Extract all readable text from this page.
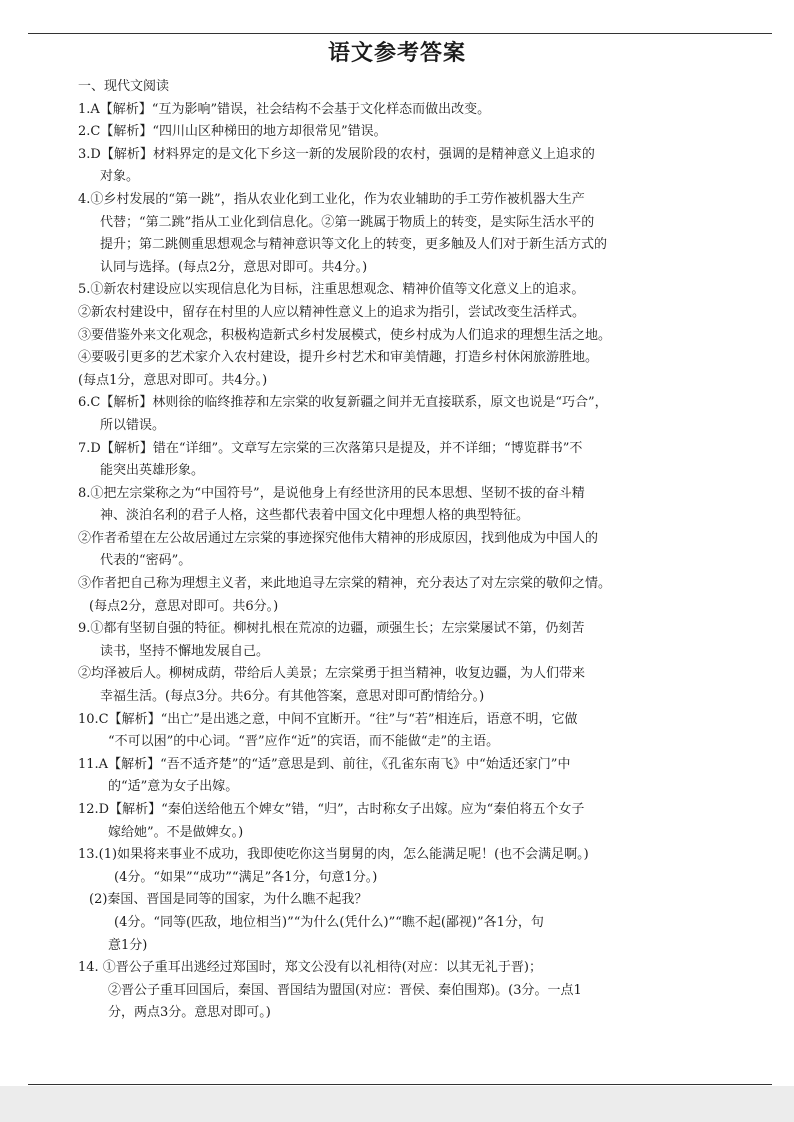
语文参考答案
一、现代文阅读
1.A【解析】“互为影响”错误，社会结构不会基于文化样态而做出改变。
2.C【解析】“四川山区种梯田的地方却很常见”错误。
3.D【解析】材料界定的是文化下乡这一新的发展阶段的农村，强调的是精神意义上追求的
对象。
4.①乡村发展的“第一跳”，指从农业化到工业化，作为农业辅助的手工劳作被机器大生产
代替；“第二跳”指从工业化到信息化。②第一跳属于物质上的转变，是实际生活水平的
提升；第二跳侧重思想观念与精神意识等文化上的转变，更多触及人们对于新生活方式的
认同与选择。(每点2分，意思对即可。共4分。)
5.①新农村建设应以实现信息化为目标，注重思想观念、精神价值等文化意义上的追求。
②新农村建设中，留存在村里的人应以精神性意义上的追求为指引，尝试改变生活样式。
③要借鉴外来文化观念，积极构造新式乡村发展模式，使乡村成为人们追求的理想生活之地。
④要吸引更多的艺术家介入农村建设，提升乡村艺术和审美情趣，打造乡村休闲旅游胜地。
(每点1分，意思对即可。共4分。)
6.C【解析】林则徐的临终推荐和左宗棠的收复新疆之间并无直接联系，原文也说是“巧合”，
所以错误。
7.D【解析】错在“详细”。文章写左宗棠的三次落第只是提及，并不详细；“博览群书”不
能突出英雄形象。
8.①把左宗棠称之为“中国符号”，是说他身上有经世济用的民本思想、坚韧不拔的奋斗精
神、淡泊名利的君子人格，这些都代表着中国文化中理想人格的典型特征。
②作者希望在左公故居通过左宗棠的事迹探究他伟大精神的形成原因，找到他成为中国人的
代表的“密码”。
③作者把自己称为理想主义者，来此地追寻左宗棠的精神，充分表达了对左宗棠的敬仰之情。
(每点2分，意思对即可。共6分。)
9.①都有坚韧自强的特征。柳树扎根在荒凉的边疆，顽强生长；左宗棠屡试不第，仍刻苦
读书，坚持不懈地发展自己。
②均泽被后人。柳树成荫，带给后人美景；左宗棠勇于担当精神，收复边疆，为人们带来
幸福生活。(每点3分。共6分。有其他答案，意思对即可酌情给分。)
10.C【解析】“出亡”是出逃之意，中间不宜断开。“往”与“若”相连后，语意不明，它做
“不可以困”的中心词。“晋”应作“近”的宾语，而不能做“走”的主语。
11.A【解析】“吾不适齐楚”的“适”意思是到、前往，《孔雀东南飞》中“始适还家门”中
的“适”意为女子出嫁。
12.D【解析】“秦伯送给他五个婢女”错，“归”，古时称女子出嫁。应为“秦伯将五个女子
嫁给她”。不是做婢女。)
13.(1)如果将来事业不成功，我即使吃你这当舅舅的肉，怎么能满足呢！(也不会满足啊。)
(4分。“如果”“成功”“满足”各1分，句意1分。)
(2)秦国、晋国是同等的国家，为什么瞧不起我？
(4分。“同等(匹敌，地位相当)”“为什么(凭什么)”“瞧不起(鄙视)”各1分，句
意1分)
14. ①晋公子重耳出逃经过郑国时，郑文公没有以礼相待(对应：以其无礼于晋)；
②晋公子重耳回国后，秦国、晋国结为盟国(对应：晋侯、秦伯围郑)。(3分。一点1
分，两点3分。意思对即可。)
